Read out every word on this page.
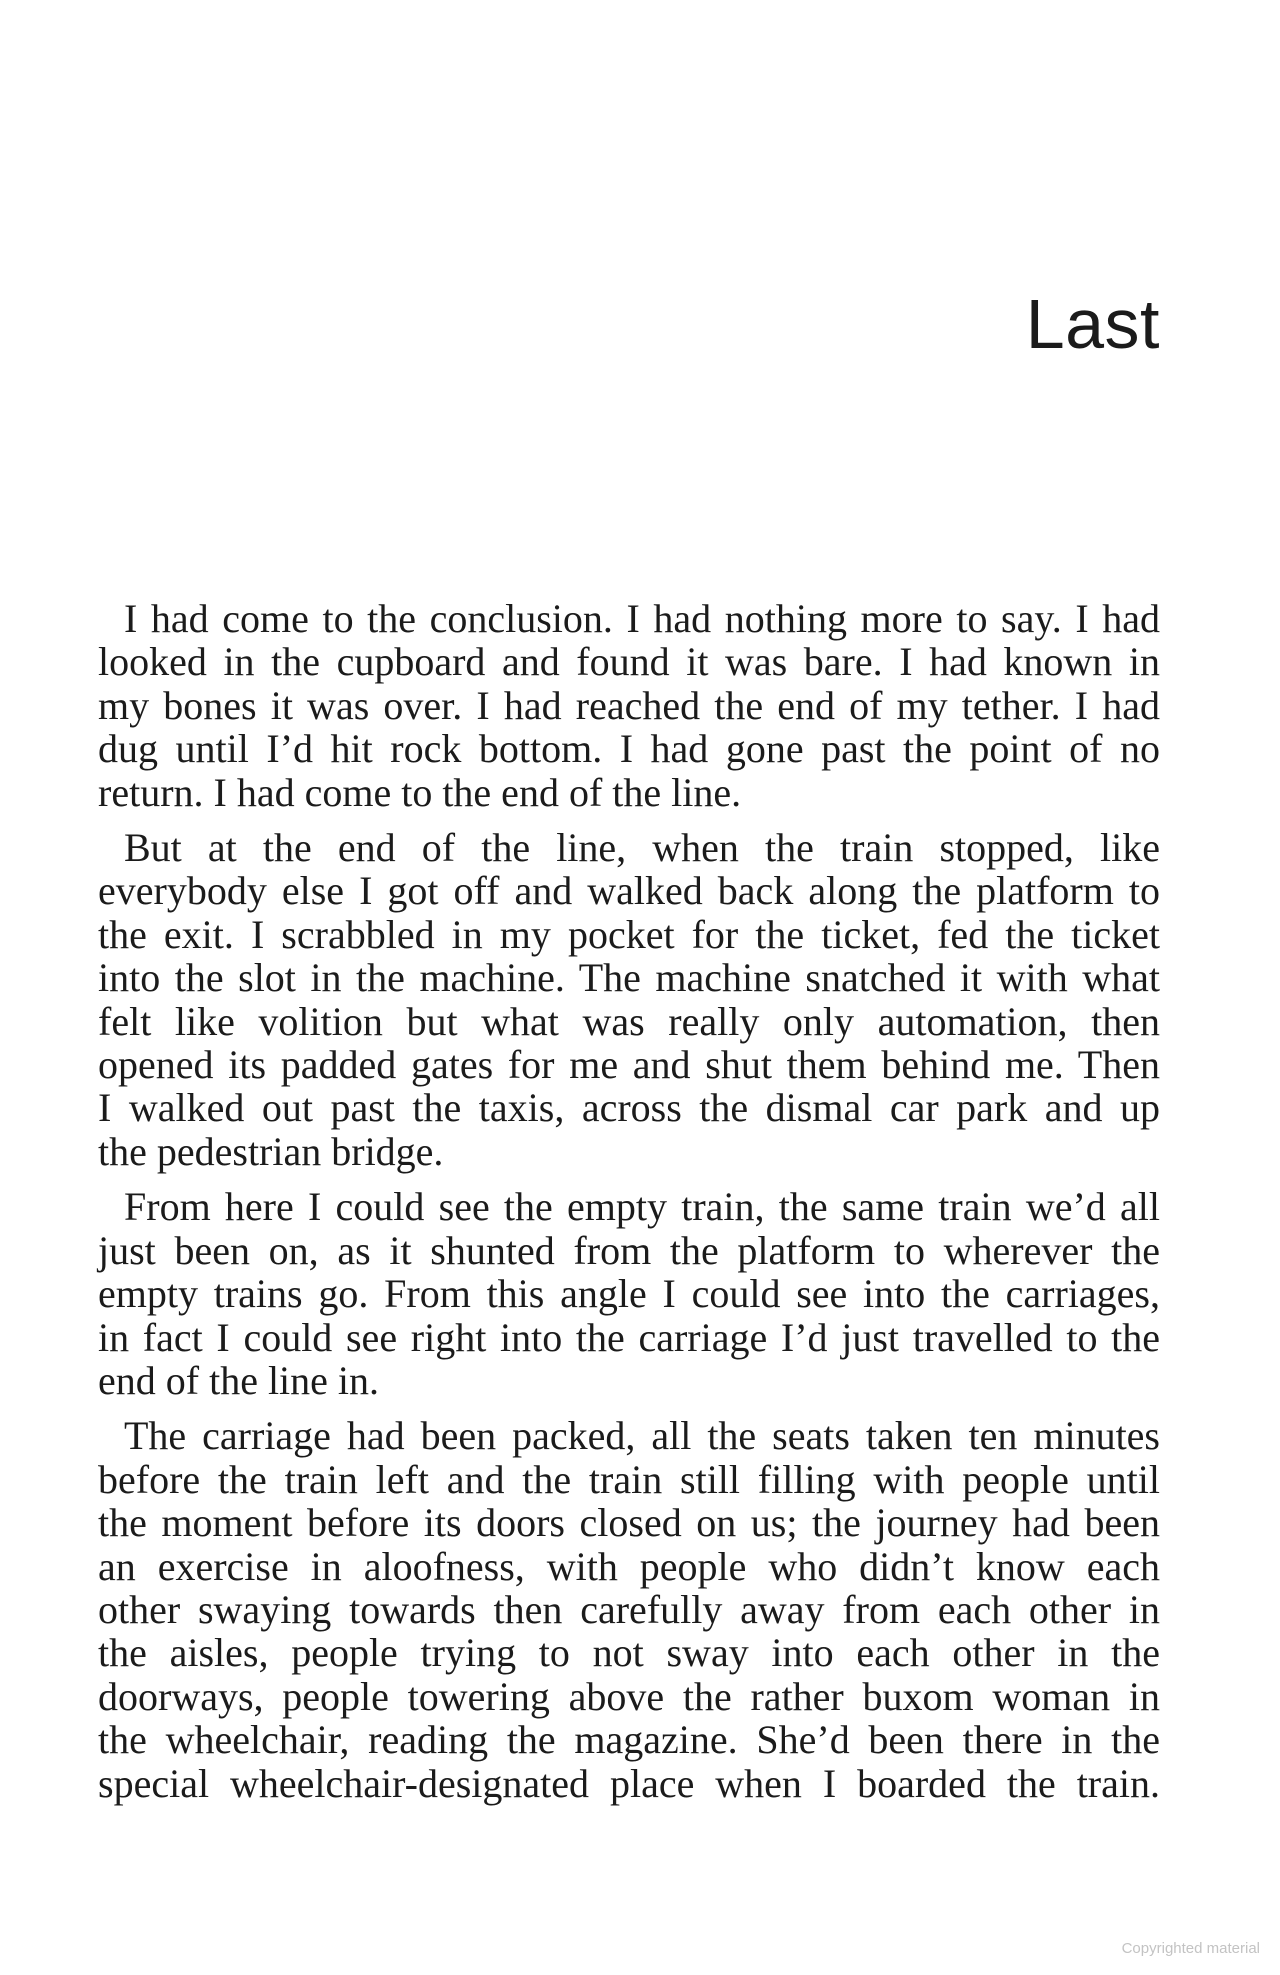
Last
I had come to the conclusion. I had nothing more to say. I had
looked in the cupboard and found it was bare. I had known in
my bones it was over. I had reached the end of my tether. I had
dug until I’d hit rock bottom. I had gone past the point of no
return. I had come to the end of the line.
But at the end of the line, when the train stopped, like
everybody else I got off and walked back along the platform to
the exit. I scrabbled in my pocket for the ticket, fed the ticket
into the slot in the machine. The machine snatched it with what
felt like volition but what was really only automation, then
opened its padded gates for me and shut them behind me. Then
I walked out past the taxis, across the dismal car park and up
the pedestrian bridge.
From here I could see the empty train, the same train we’d all
just been on, as it shunted from the platform to wherever the
empty trains go. From this angle I could see into the carriages,
in fact I could see right into the carriage I’d just travelled to the
end of the line in.
The carriage had been packed, all the seats taken ten minutes
before the train left and the train still filling with people until
the moment before its doors closed on us; the journey had been
an exercise in aloofness, with people who didn’t know each
other swaying towards then carefully away from each other in
the aisles, people trying to not sway into each other in the
doorways, people towering above the rather buxom woman in
the wheelchair, reading the magazine. She’d been there in the
special wheelchair-designated place when I boarded the train.
Copyrighted material
